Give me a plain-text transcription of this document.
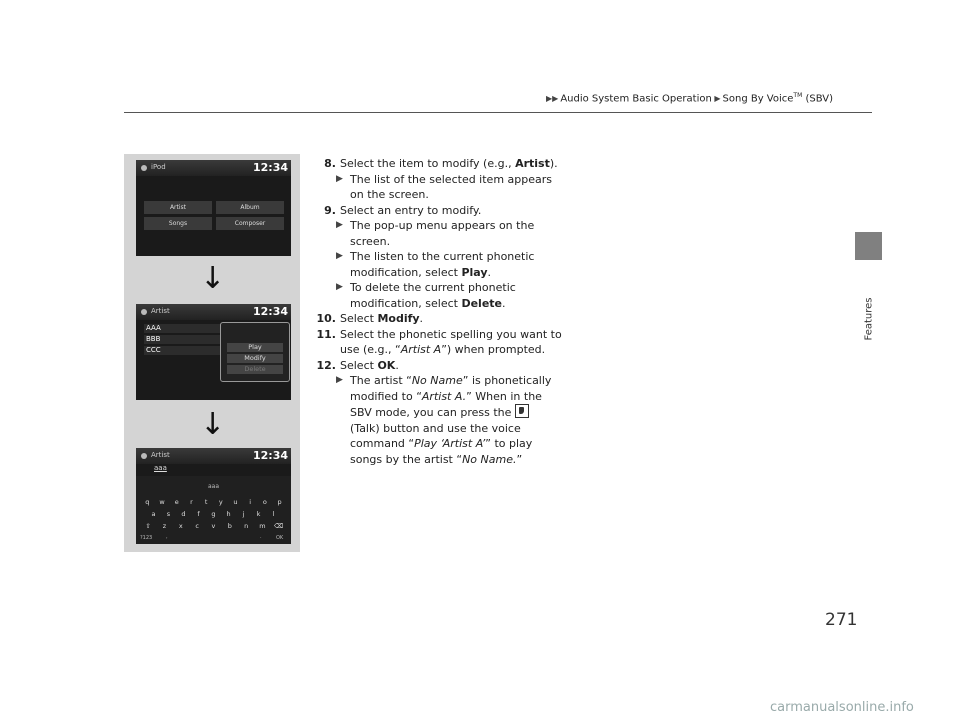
▶▶ Audio System Basic Operation ▶ Song By Voice™ (SBV)
Features
iPod	12:34
Artist	Album
Songs	Composer
↓
Artist	12:34
AAA
BBB
CCC	Play
Modify
Delete
↓
Artist	12:34
aaa
aaa
q	w	e	r	t	y	u	i	o	p
a	s	d	f	g	h	j	k	l
⇧	z	x	c	v	b	n	m ⌫
?123	,	.	OK
8. Select the item to modify (e.g., Artist).
▶ The list of the selected item appears on the screen.
9. Select an entry to modify.
▶ The pop-up menu appears on the screen.
▶ The listen to the current phonetic modification, select Play.
▶ To delete the current phonetic modification, select Delete.
10. Select Modify.
11. Select the phonetic spelling you want to use (e.g., “Artist A”) when prompted.
12. Select OK.
▶ The artist “No Name” is phonetically modified to “Artist A.” When in the SBV mode, you can press the  (Talk) button and use the voice command “Play ‘Artist A’” to play songs by the artist “No Name.”
271
carmanualsonline.info
